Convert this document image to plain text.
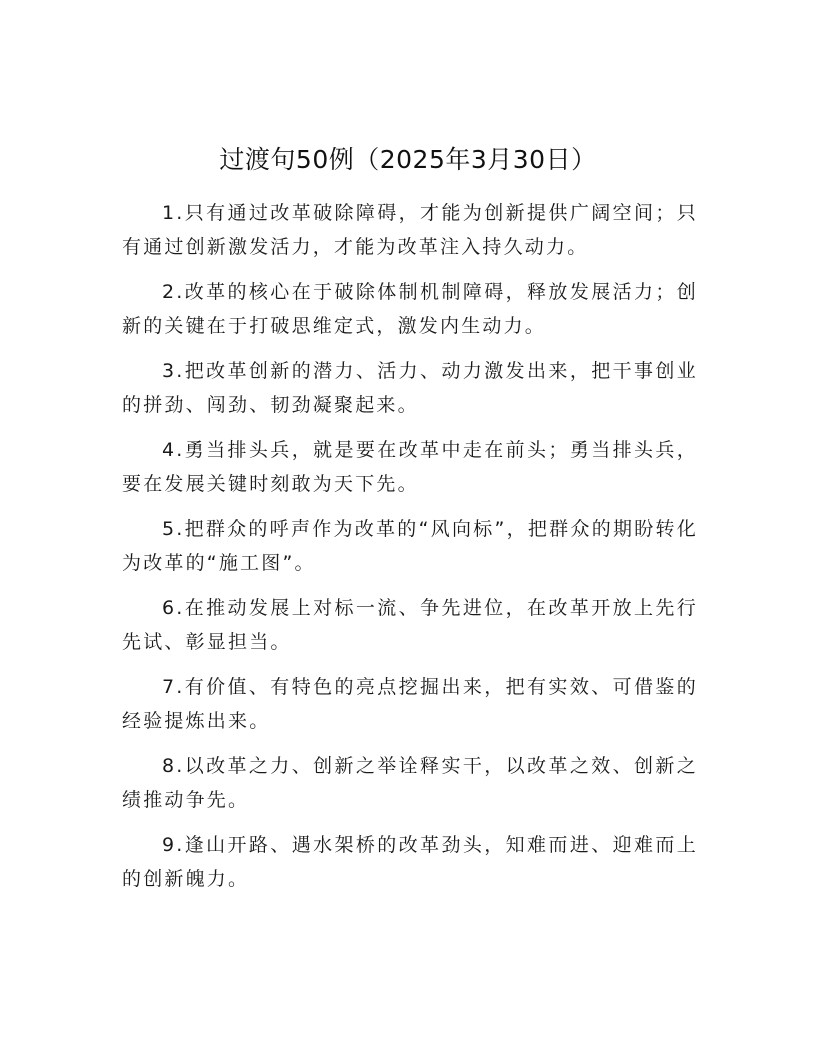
过渡句50例（2025年3月30日）

1.只有通过改革破除障碍，才能为创新提供广阔空间；只有通过创新激发活力，才能为改革注入持久动力。

2.改革的核心在于破除体制机制障碍，释放发展活力；创新的关键在于打破思维定式，激发内生动力。

3.把改革创新的潜力、活力、动力激发出来，把干事创业的拼劲、闯劲、韧劲凝聚起来。

4.勇当排头兵，就是要在改革中走在前头；勇当排头兵，要在发展关键时刻敢为天下先。

5.把群众的呼声作为改革的“风向标”，把群众的期盼转化为改革的“施工图”。

6.在推动发展上对标一流、争先进位，在改革开放上先行先试、彰显担当。

7.有价值、有特色的亮点挖掘出来，把有实效、可借鉴的经验提炼出来。

8.以改革之力、创新之举诠释实干，以改革之效、创新之绩推动争先。

9.逢山开路、遇水架桥的改革劲头，知难而进、迎难而上的创新魄力。
